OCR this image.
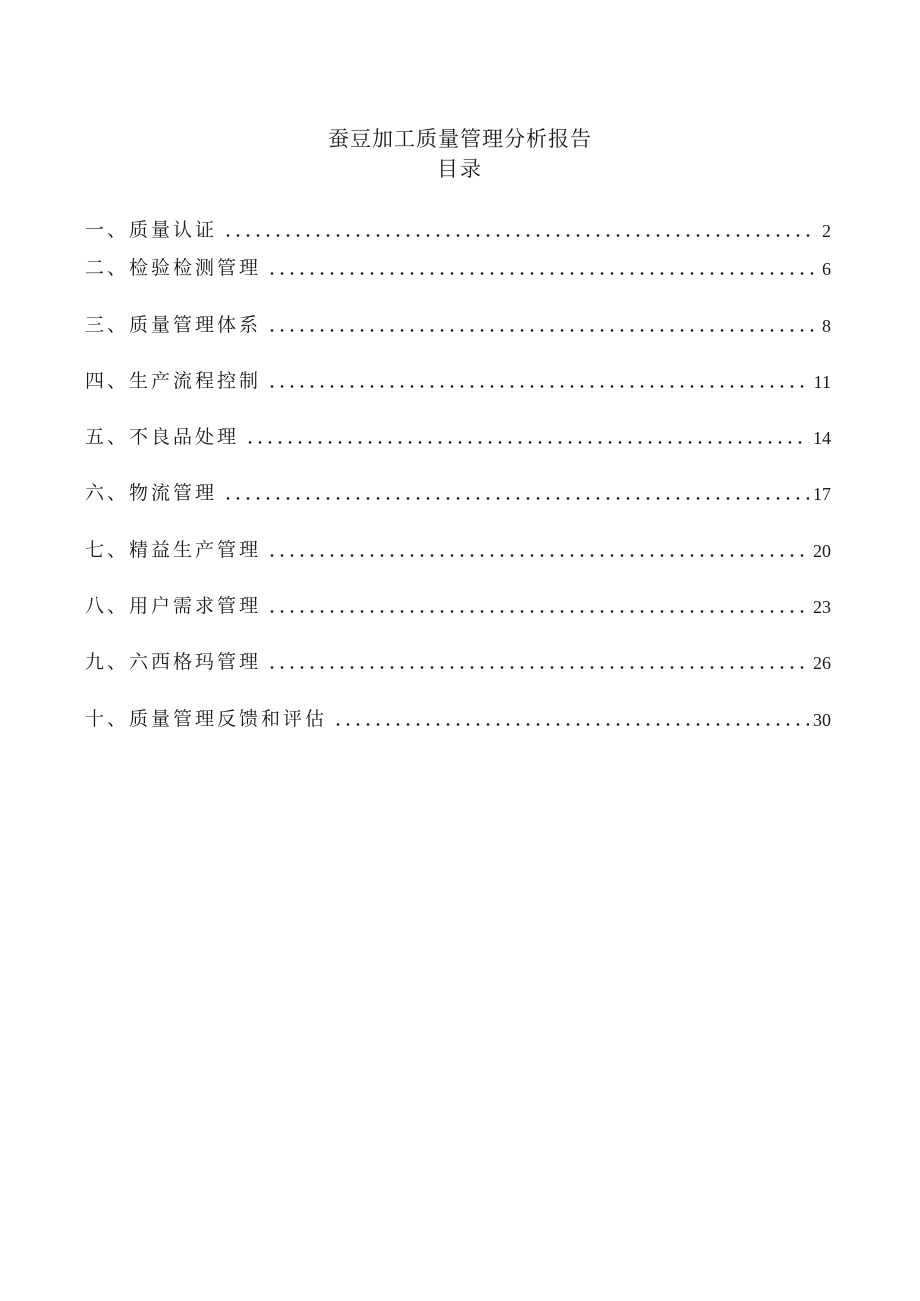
蚕豆加工质量管理分析报告
目录
一、 质量认证	2
二、 检验检测管理	6
三、 质量管理体系	8
四、 生产流程控制	11
五、 不良品处理	14
六、 物流管理	17
七、 精益生产管理	20
八、 用户需求管理	23
九、 六西格玛管理	26
十、 质量管理反馈和评估	30
